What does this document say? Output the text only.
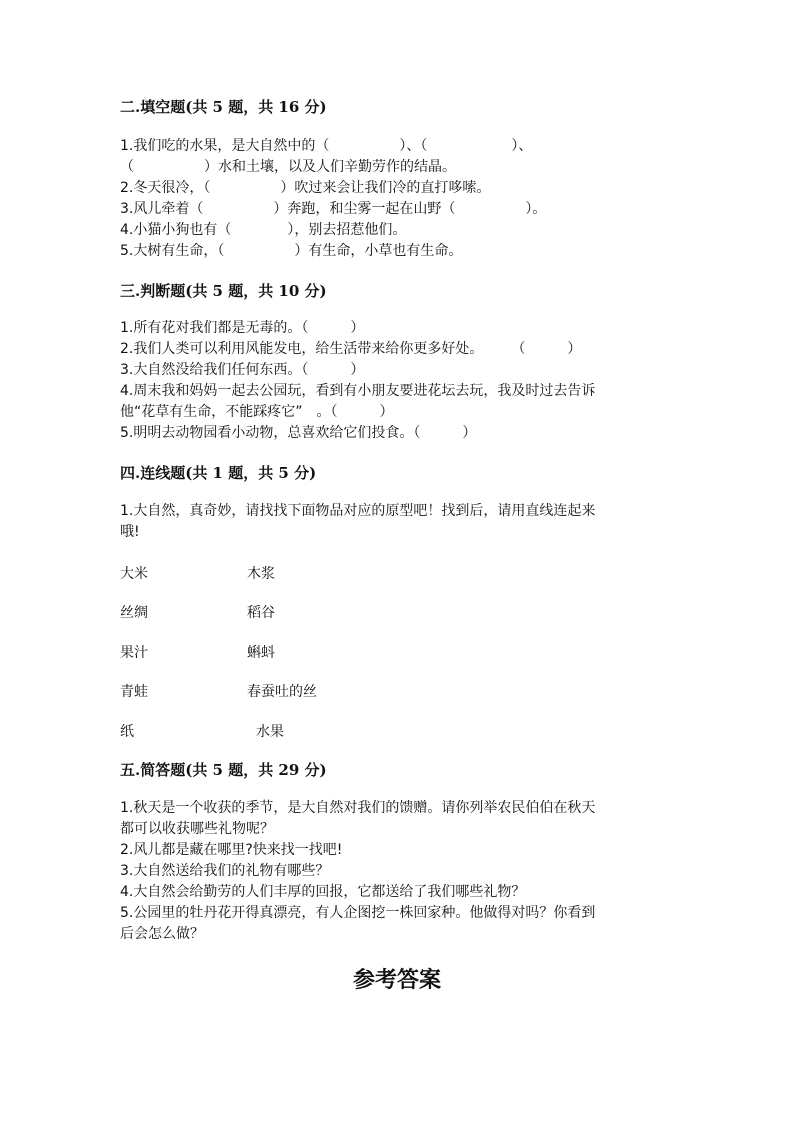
二.填空题(共 5 题，共 16 分)

1.我们吃的水果，是大自然中的（　　　　　）、（　　　　　　）、

（　　　　　）水和土壤，以及人们辛勤劳作的结晶。

2.冬天很冷，（　　　　　）吹过来会让我们冷的直打哆嗦。

3.风儿牵着（　　　　　）奔跑，和尘雾一起在山野（　　　　　）。

4.小猫小狗也有（　　　　），别去招惹他们。

5.大树有生命，（　　　　　）有生命，小草也有生命。

三.判断题(共 5 题，共 10 分)

1.所有花对我们都是无毒的。（　　　）

2.我们人类可以利用风能发电，给生活带来给你更多好处。　　　（　　　）

3.大自然没给我们任何东西。（　　　）

4.周末我和妈妈一起去公园玩，看到有小朋友要进花坛去玩，我及时过去告诉

他“花草有生命，不能踩疼它”　。（　　　）

5.明明去动物园看小动物，总喜欢给它们投食。（　　　）

四.连线题(共 1 题，共 5 分)

1.大自然，真奇妙，请找找下面物品对应的原型吧！找到后，请用直线连起来

哦!

大米	木浆
丝绸	稻谷
果汁	蝌蚪
青蛙	春蚕吐的丝
纸	水果
五.简答题(共 5 题，共 29 分)

1.秋天是一个收获的季节，是大自然对我们的馈赠。请你列举农民伯伯在秋天

都可以收获哪些礼物呢？

2.风儿都是藏在哪里?快来找一找吧!

3.大自然送给我们的礼物有哪些？

4.大自然会给勤劳的人们丰厚的回报，它都送给了我们哪些礼物？

5.公园里的牡丹花开得真漂亮，有人企图挖一株回家种。他做得对吗？你看到

后会怎么做？

参考答案
